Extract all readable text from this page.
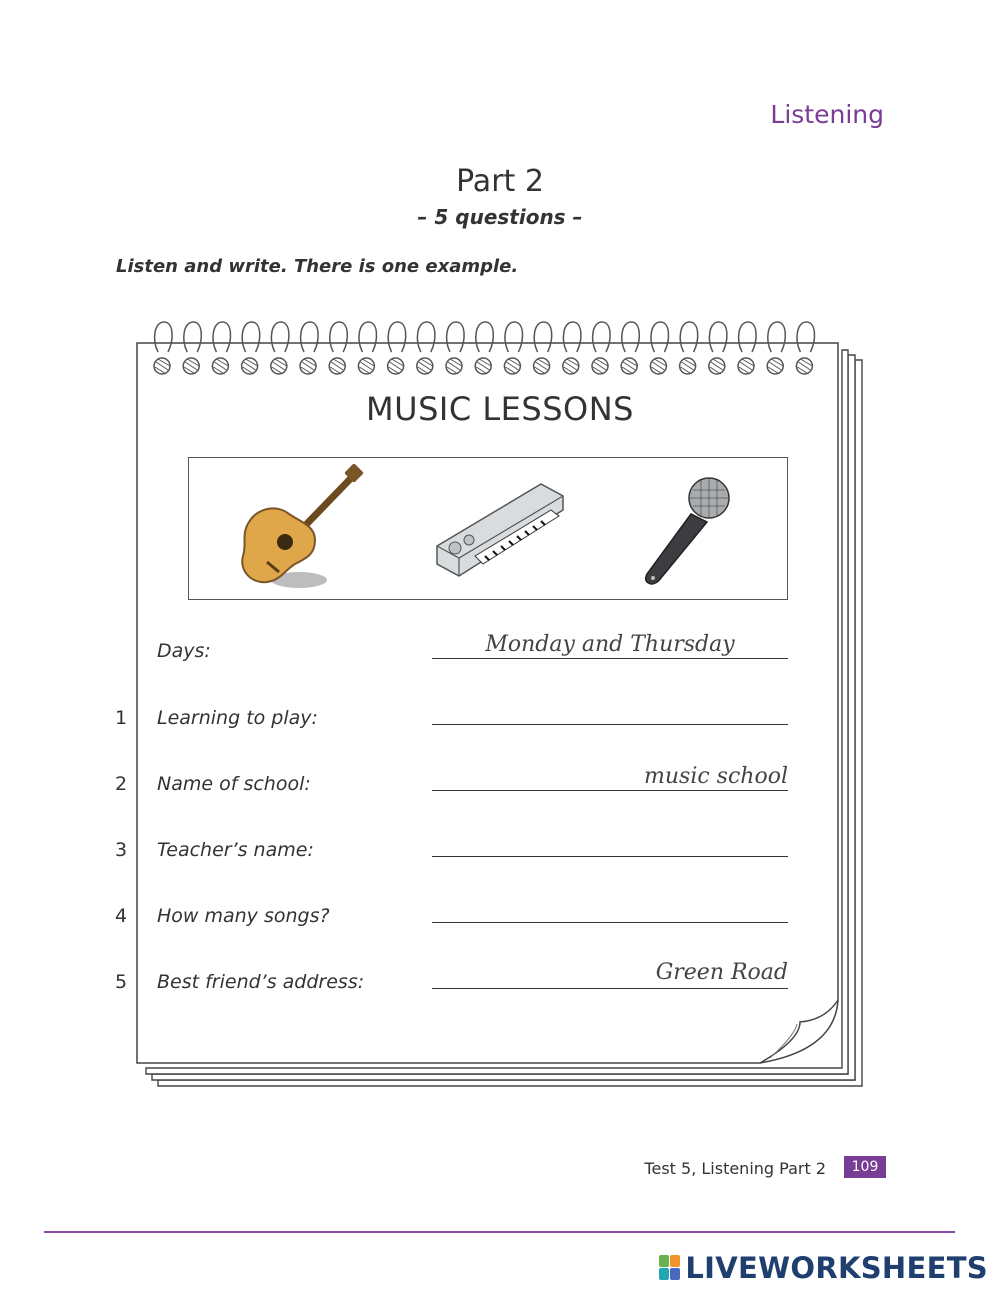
Listening
Part 2
– 5 questions –
Listen and write. There is one example.
MUSIC LESSONS
Days:	Monday and Thursday
1 Learning to play:
2 Name of school:	music school
3 Teacher’s name:
4 How many songs?
5 Best friend’s address:	Green Road
Test 5, Listening Part 2	109
LIVEWORKSHEETS
